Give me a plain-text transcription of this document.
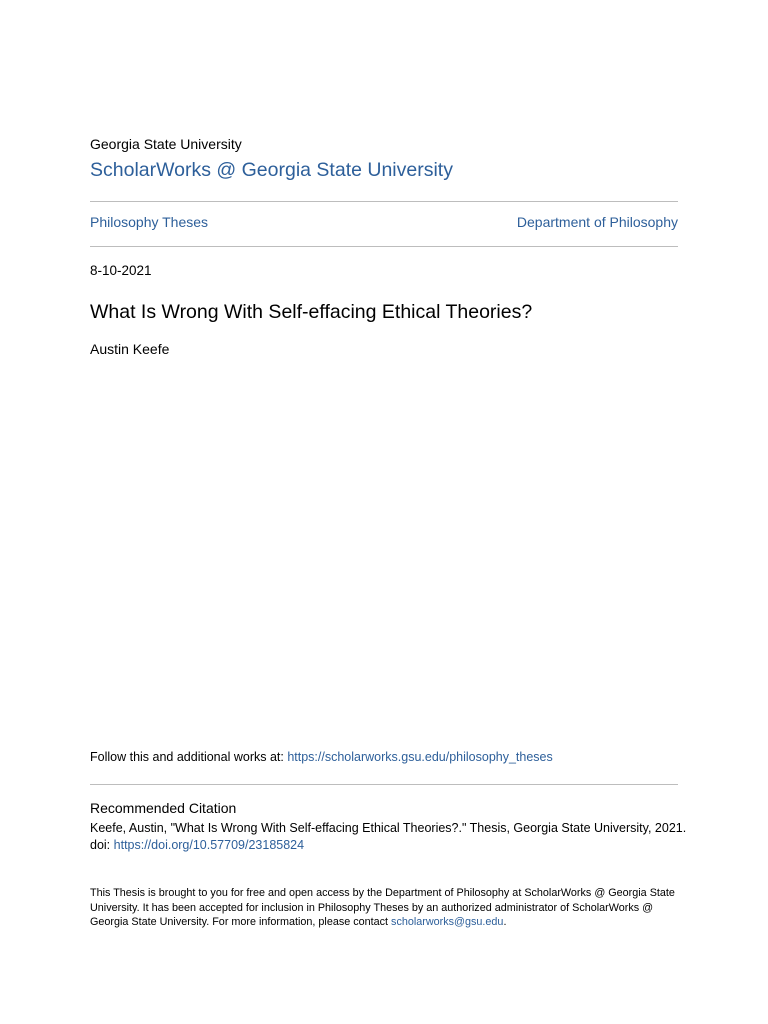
Georgia State University
ScholarWorks @ Georgia State University
Philosophy Theses	Department of Philosophy
8-10-2021
What Is Wrong With Self-effacing Ethical Theories?
Austin Keefe
Follow this and additional works at: https://scholarworks.gsu.edu/philosophy_theses
Recommended Citation
Keefe, Austin, "What Is Wrong With Self-effacing Ethical Theories?." Thesis, Georgia State University, 2021.
doi: https://doi.org/10.57709/23185824
This Thesis is brought to you for free and open access by the Department of Philosophy at ScholarWorks @ Georgia State University. It has been accepted for inclusion in Philosophy Theses by an authorized administrator of ScholarWorks @ Georgia State University. For more information, please contact scholarworks@gsu.edu.
